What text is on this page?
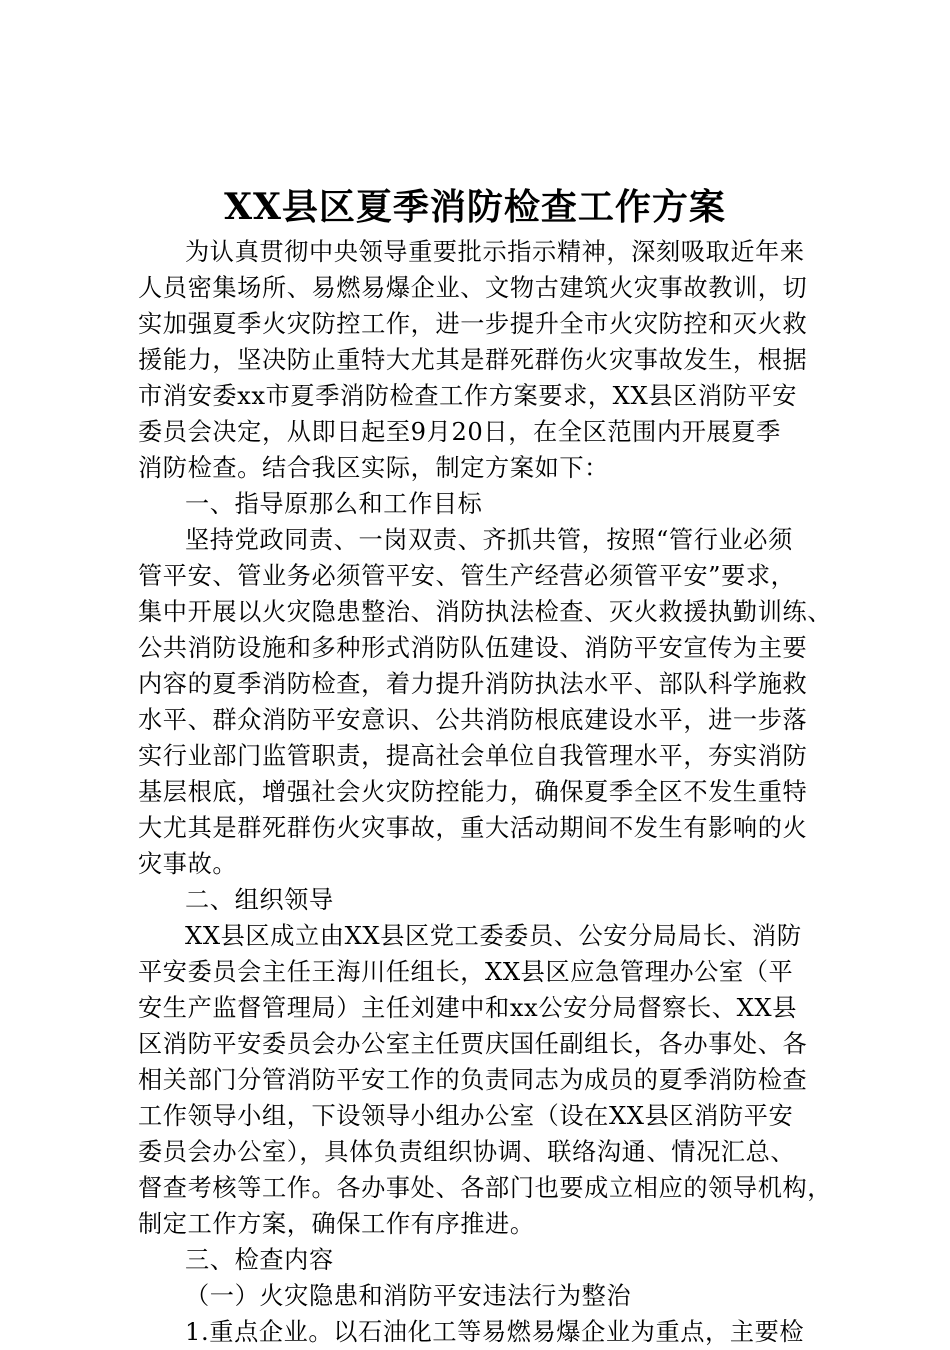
XX县区夏季消防检查工作方案
为认真贯彻中央领导重要批示指示精神，深刻吸取近年来
人员密集场所、易燃易爆企业、文物古建筑火灾事故教训，切
实加强夏季火灾防控工作，进一步提升全市火灾防控和灭火救
援能力，坚决防止重特大尤其是群死群伤火灾事故发生，根据
市消安委xx市夏季消防检查工作方案要求，XX县区消防平安
委员会决定，从即日起至9月20日，在全区范围内开展夏季
消防检查。结合我区实际，制定方案如下：
一、指导原那么和工作目标
坚持党政同责、一岗双责、齐抓共管，按照“管行业必须
管平安、管业务必须管平安、管生产经营必须管平安”要求，
集中开展以火灾隐患整治、消防执法检查、灭火救援执勤训练、
公共消防设施和多种形式消防队伍建设、消防平安宣传为主要
内容的夏季消防检查，着力提升消防执法水平、部队科学施救
水平、群众消防平安意识、公共消防根底建设水平，进一步落
实行业部门监管职责，提高社会单位自我管理水平，夯实消防
基层根底，增强社会火灾防控能力，确保夏季全区不发生重特
大尤其是群死群伤火灾事故，重大活动期间不发生有影响的火
灾事故。
二、组织领导
XX县区成立由XX县区党工委委员、公安分局局长、消防
平安委员会主任王海川任组长，XX县区应急管理办公室（平
安生产监督管理局）主任刘建中和xx公安分局督察长、XX县
区消防平安委员会办公室主任贾庆国任副组长，各办事处、各
相关部门分管消防平安工作的负责同志为成员的夏季消防检查
工作领导小组，下设领导小组办公室（设在XX县区消防平安
委员会办公室），具体负责组织协调、联络沟通、情况汇总、
督查考核等工作。各办事处、各部门也要成立相应的领导机构，
制定工作方案，确保工作有序推进。
三、检查内容
（一）火灾隐患和消防平安违法行为整治
1.重点企业。以石油化工等易燃易爆企业为重点，主要检
